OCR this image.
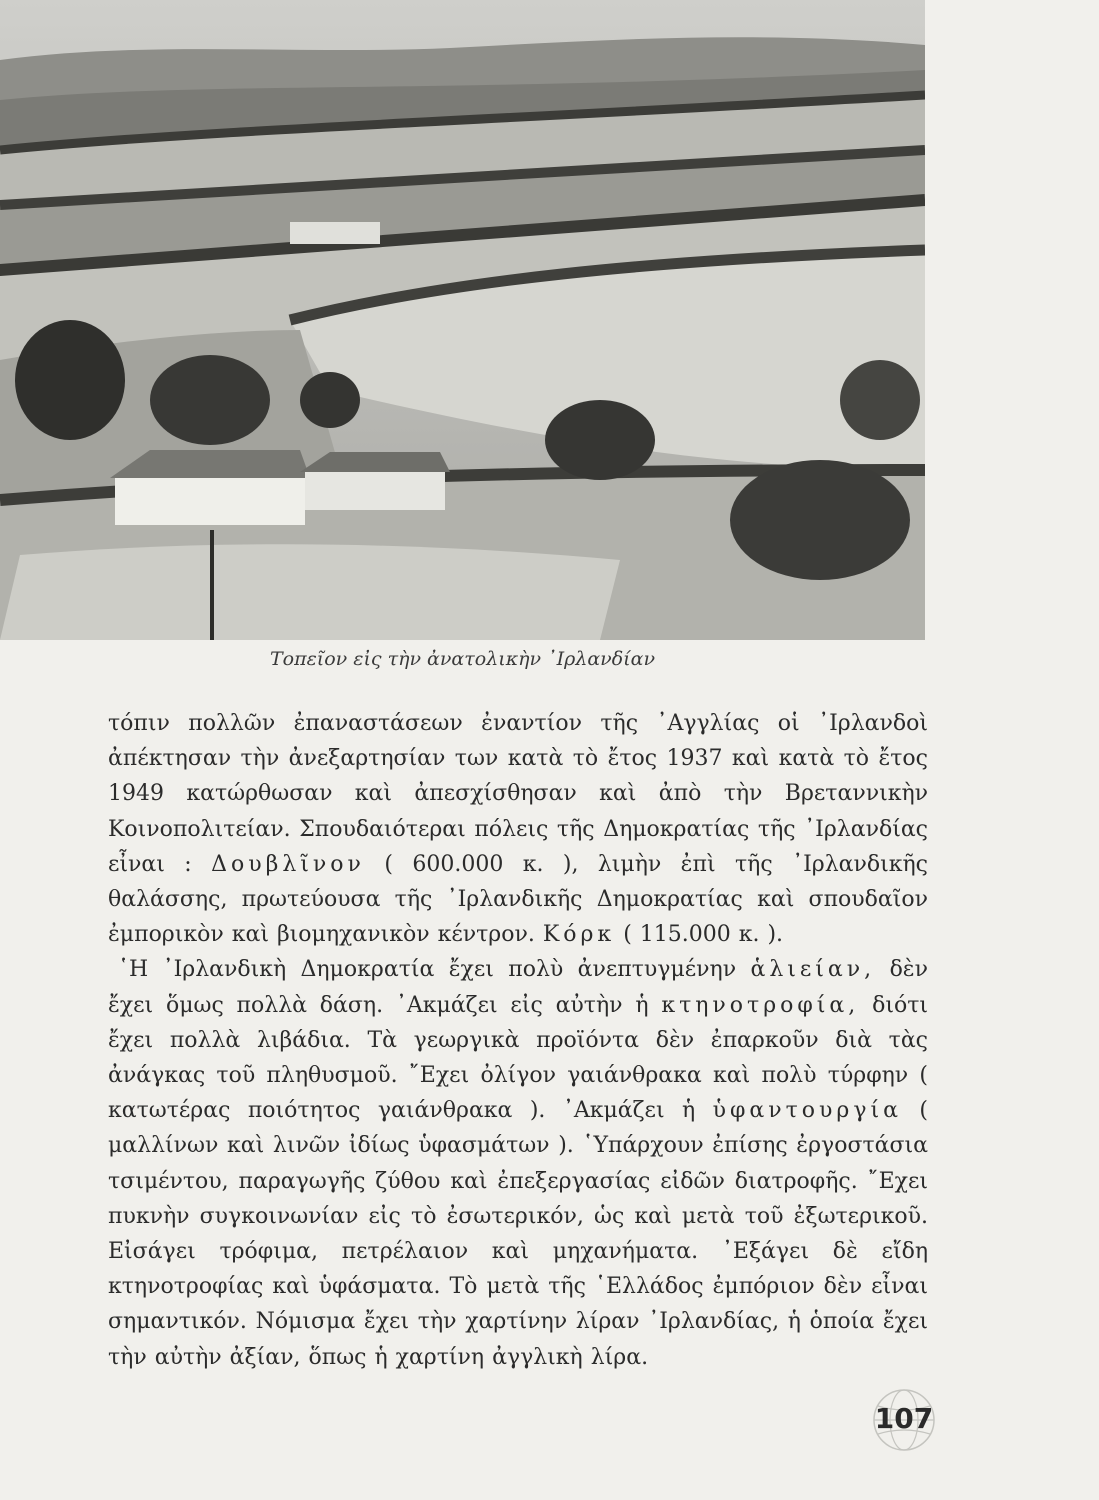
Τοπεῖον εἰς τὴν ἀνατολικὴν ᾽Ιρλανδίαν

τόπιν πολλῶν ἐπαναστάσεων ἐναντίον τῆς ᾽Αγγλίας οἱ ᾽Ιρλανδοὶ ἀπέκτησαν τὴν ἀνεξαρτησίαν των κατὰ τὸ ἔτος 1937 καὶ κατὰ τὸ ἔτος 1949 κατώρθωσαν καὶ ἀπεσχίσθησαν καὶ ἀπὸ τὴν Βρεταννικὴν Κοινοπολιτείαν. Σπουδαιότεραι πόλεις τῆς Δημοκρατίας τῆς ᾽Ιρλανδίας εἶναι : Δουβλῖνον ( 600.000 κ. ), λιμὴν ἐπὶ τῆς ᾽Ιρλανδικῆς θαλάσσης, πρωτεύουσα τῆς ᾽Ιρλανδικῆς Δημοκρατίας καὶ σπουδαῖον ἐμπορικὸν καὶ βιομηχανικὸν κέντρον. Κόρκ ( 115.000 κ. ).

῾Η ᾽Ιρλανδικὴ Δημοκρατία ἔχει πολὺ ἀνεπτυγμένην ἁλιείαν, δὲν ἔχει ὅμως πολλὰ δάση. ᾽Ακμάζει εἰς αὐτὴν ἡ κτηνοτροφία, διότι ἔχει πολλὰ λιβάδια. Τὰ γεωργικὰ προϊόντα δὲν ἐπαρκοῦν διὰ τὰς ἀνάγκας τοῦ πληθυσμοῦ. ῎Εχει ὀλίγον γαιάνθρακα καὶ πολὺ τύρφην ( κατωτέρας ποιότητος γαιάνθρακα ). ᾽Ακμάζει ἡ ὑφαντουργία ( μαλλίνων καὶ λινῶν ἰδίως ὑφασμάτων ). ῾Υπάρχουν ἐπίσης ἐργοστάσια τσιμέντου, παραγωγῆς ζύθου καὶ ἐπεξεργασίας εἰδῶν διατροφῆς. ῎Εχει πυκνὴν συγκοινωνίαν εἰς τὸ ἐσωτερικόν, ὡς καὶ μετὰ τοῦ ἐξωτερικοῦ. Εἰσάγει τρόφιμα, πετρέλαιον καὶ μηχανήματα. ᾽Εξάγει δὲ εἴδη κτηνοτροφίας καὶ ὑφάσματα. Τὸ μετὰ τῆς ῾Ελλάδος ἐμπόριον δὲν εἶναι σημαντικόν. Νόμισμα ἔχει τὴν χαρτίνην λίραν ᾽Ιρλανδίας, ἡ ὁποία ἔχει τὴν αὐτὴν ἀξίαν, ὅπως ἡ χαρτίνη ἀγγλικὴ λίρα.

107
